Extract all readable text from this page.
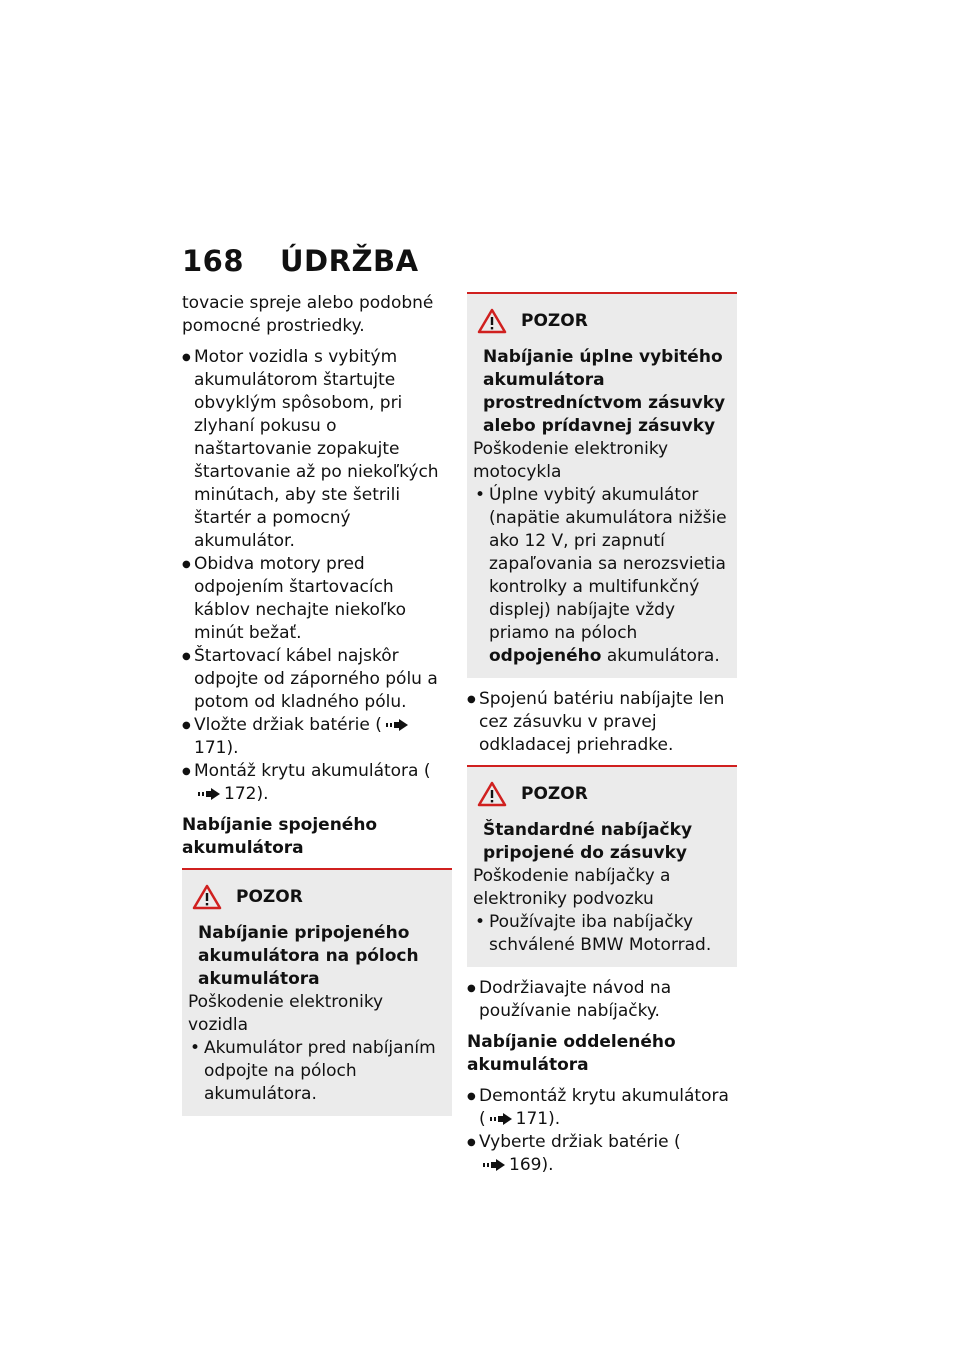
168 ÚDRŽBA

tovacie spreje alebo podobné pomocné prostriedky.

● Motor vozidla s vybitým akumulátorom štartujte obvyklým spôsobom, pri zlyhaní pokusu o naštartovanie zopakujte štartovanie až po niekoľkých minútach, aby ste šetrili štartér a pomocný akumulátor.
● Obidva motory pred odpojením štartovacích káblov nechajte niekoľko minút bežať.
● Štartovací kábel najskôr odpojte od záporného pólu a potom od kladného pólu.
● Vložte držiak batérie (171).
● Montáž krytu akumulátora (
172).
Nabíjanie spojeného akumulátora
POZOR
Nabíjanie pripojeného akumulátora na póloch akumulátora
Poškodenie elektroniky vozidla
• Akumulátor pred nabíjaním odpojte na póloch akumulátora.
POZOR
Nabíjanie úplne vybitého akumulátora prostredníctvom zásuvky alebo prídavnej zásuvky
Poškodenie elektroniky motocykla
• Úplne vybitý akumulátor (napätie akumulátora nižšie ako 12 V, pri zapnutí zapaľovania sa nerozsvietia kontrolky a multifunkčný displej) nabíjajte vždy priamo na póloch odpojeného akumulátora.
● Spojenú batériu nabíjajte len cez zásuvku v pravej odkladacej priehradke.
POZOR
Štandardné nabíjačky pripojené do zásuvky
Poškodenie nabíjačky a elektroniky podvozku
• Používajte iba nabíjačky schválené BMW Motorrad.
● Dodržiavajte návod na používanie nabíjačky.
Nabíjanie oddeleného akumulátora
● Demontáž krytu akumulátora ( 171).
● Vyberte držiak batérie (
169).
